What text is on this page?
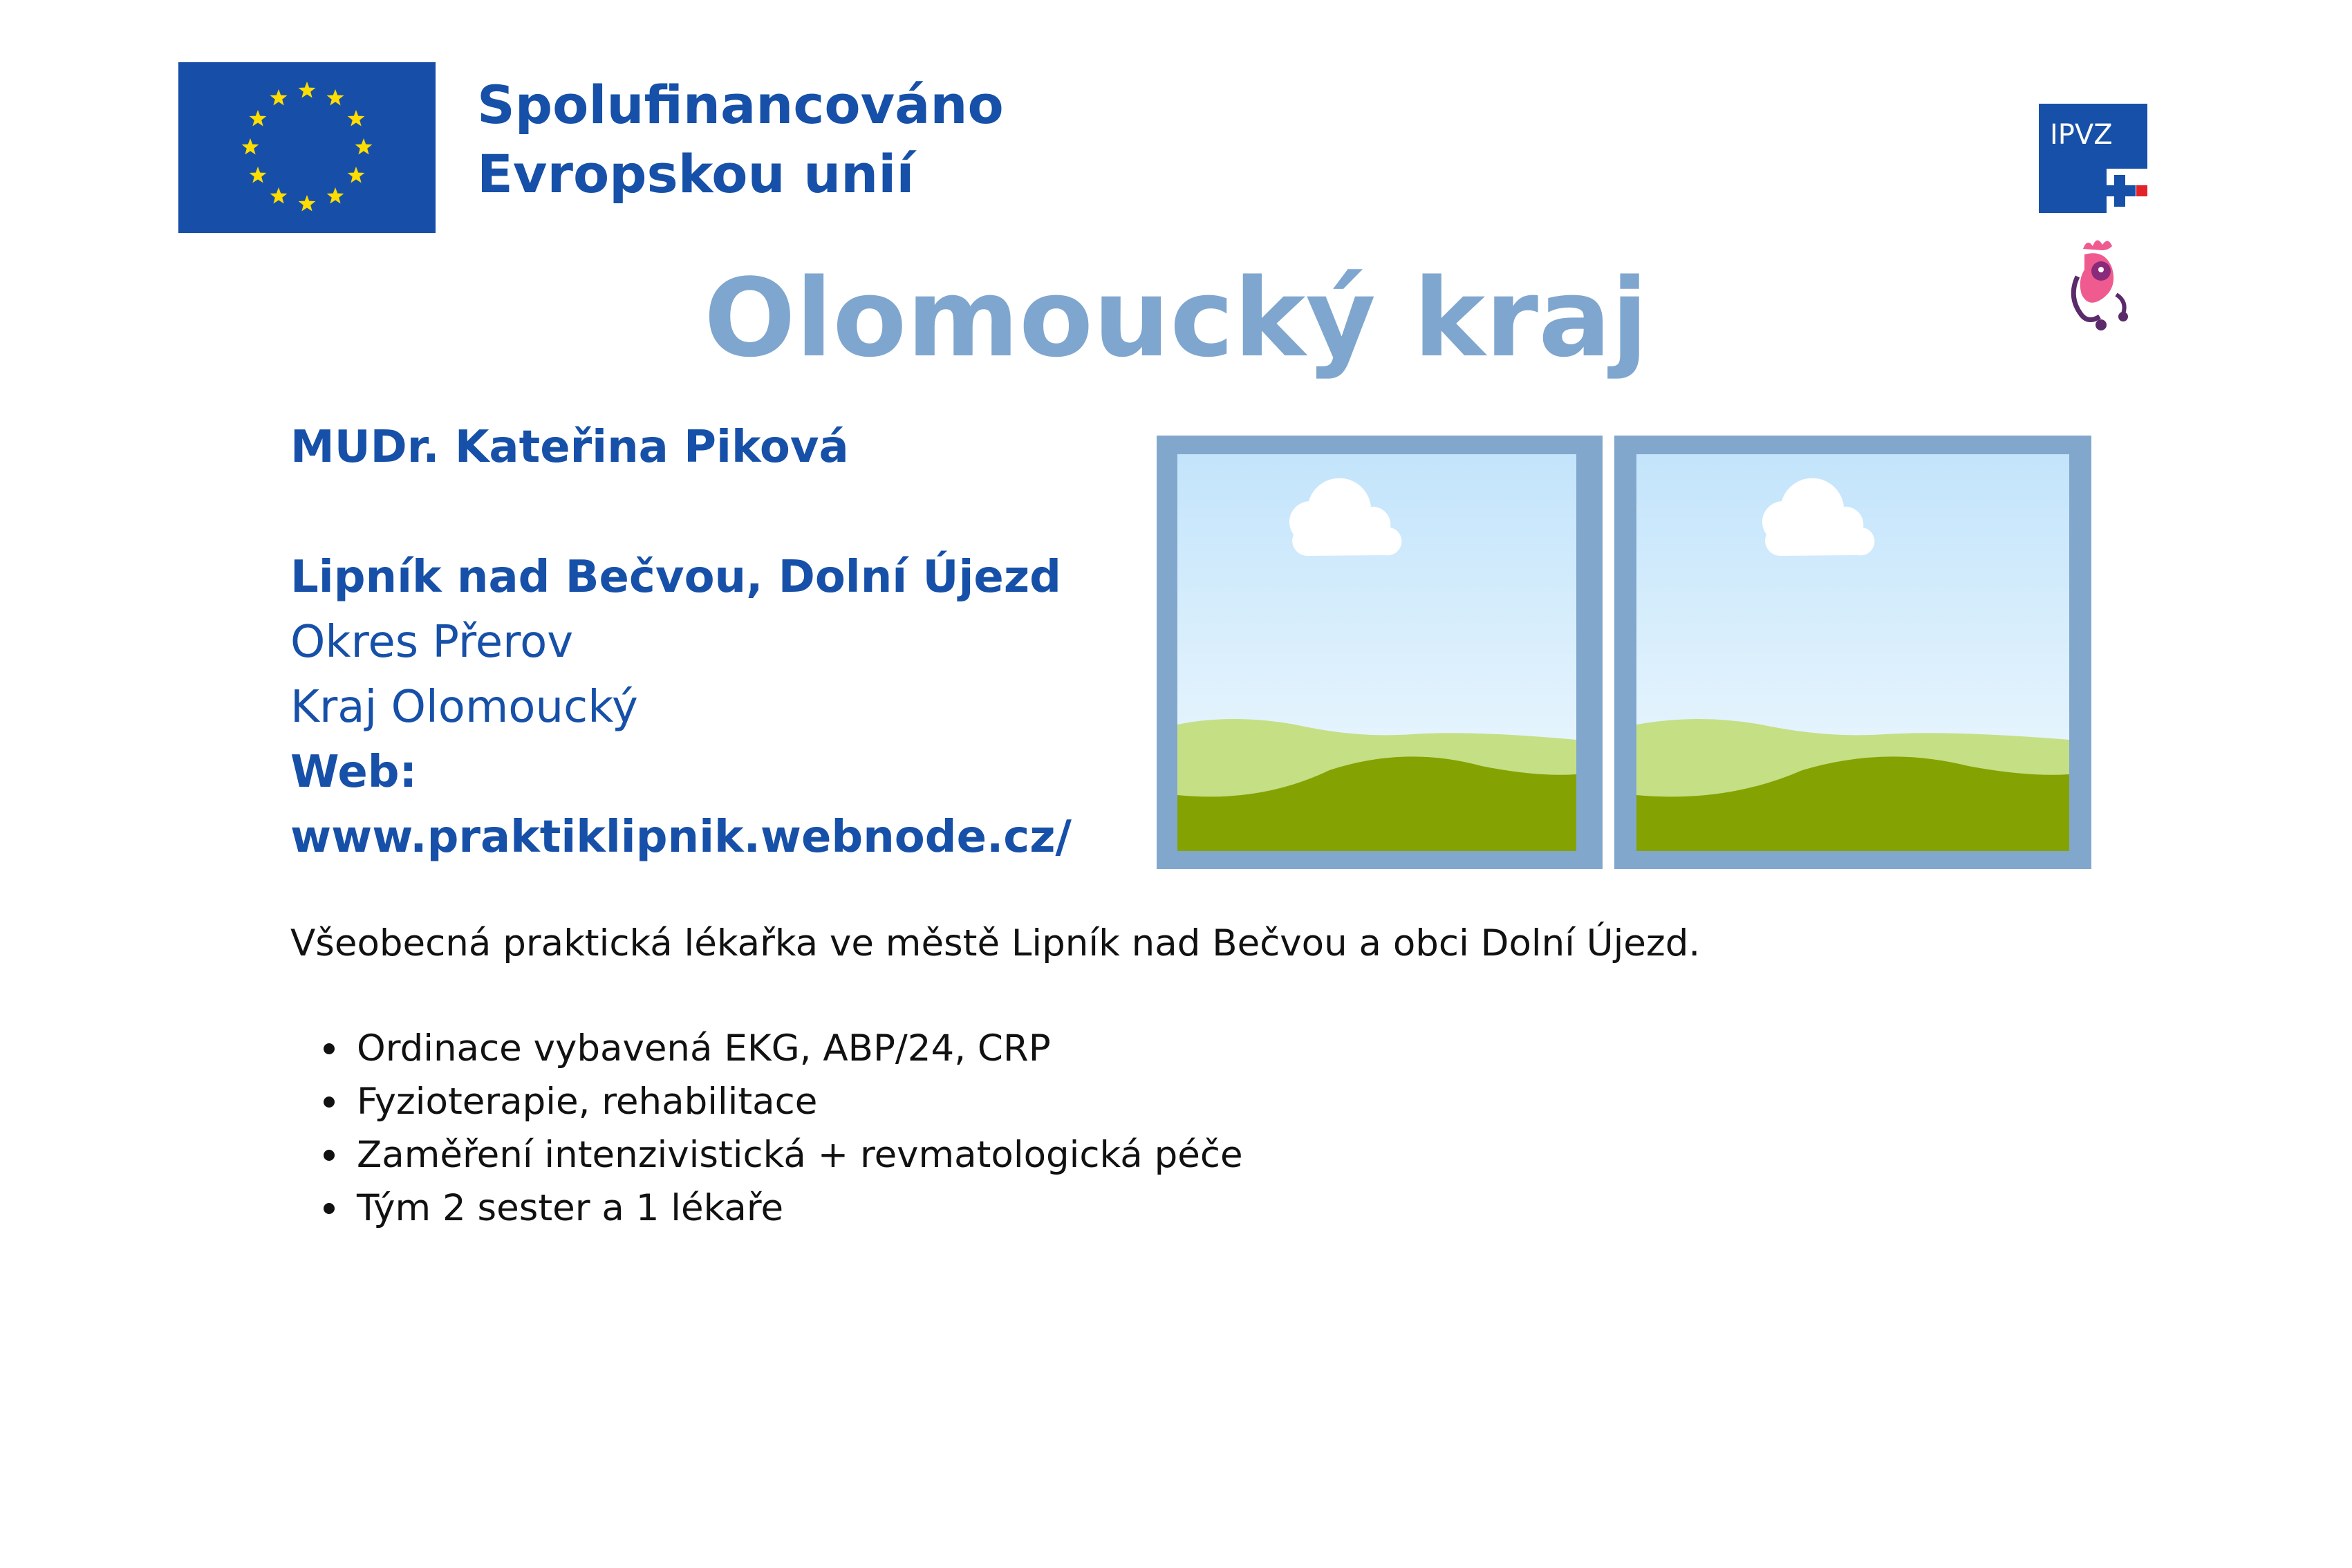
Spolufinancováno
Evropskou unií
IPVZ
Olomoucký kraj
MUDr. Kateřina Piková
Lipník nad Bečvou, Dolní Újezd
Okres Přerov
Kraj Olomoucký
Web:
www.praktiklipnik.webnode.cz/
Všeobecná praktická lékařka ve městě Lipník nad Bečvou a obci Dolní Újezd.
Ordinace vybavená EKG, ABP/24, CRP
Fyzioterapie, rehabilitace
Zaměření intenzivistická + revmatologická péče
Tým 2 sester a 1 lékaře
